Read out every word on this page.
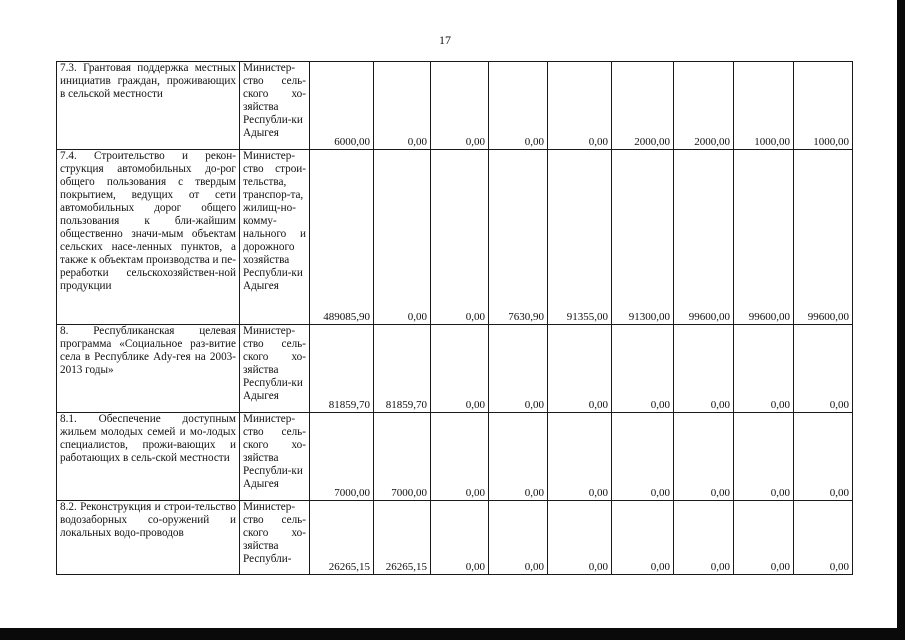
17
7.3. Грантовая поддержка местных инициатив граждан, проживающих в сельской местности	Министер-ство сель-ского хо-зяйства Республи-ки Адыгея	6000,00	0,00	0,00	0,00	0,00	2000,00	2000,00	1000,00	1000,00
7.4. Строительство и рекон-струкция автомобильных до-рог общего пользования с твердым покрытием, ведущих от сети автомобильных дорог общего пользования к бли-жайшим общественно значи-мым объектам сельских насе-ленных пунктов, а также к объектам производства и пе-реработки сельскохозяйствен-ной продукции	Министер-ство строи-тельства, транспор-та, жилищ-но-комму-нального и дорожного хозяйства Республи-ки Адыгея	489085,90	0,00	0,00	7630,90	91355,00	91300,00	99600,00	99600,00	99600,00
8. Республиканская целевая программа «Социальное раз-витие села в Республике Ady-гея на 2003-2013 годы»	Министер-ство сель-ского хо-зяйства Республи-ки Адыгея	81859,70	81859,70	0,00	0,00	0,00	0,00	0,00	0,00	0,00
8.1. Обеспечение доступным жильем молодых семей и мо-лодых специалистов, прожи-вающих и работающих в сель-ской местности	Министер-ство сель-ского хо-зяйства Республи-ки Адыгея	7000,00	7000,00	0,00	0,00	0,00	0,00	0,00	0,00	0,00
8.2. Реконструкция и строи-тельство водозаборных со-оружений и локальных водо-проводов	Министер-ство сель-ского хо-зяйства Республи-	26265,15	26265,15	0,00	0,00	0,00	0,00	0,00	0,00	0,00
